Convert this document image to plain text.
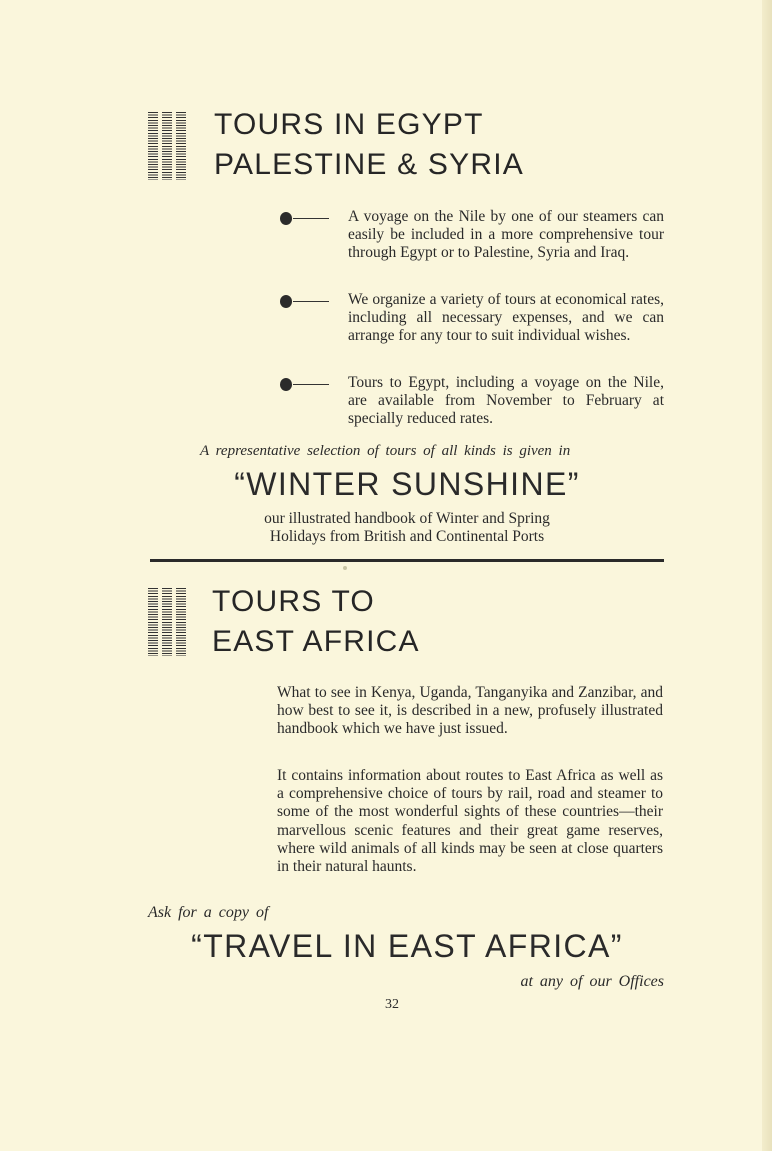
TOURS IN EGYPT
PALESTINE & SYRIA

A voyage on the Nile by one of our steamers can easily be included in a more comprehensive tour through Egypt or to Palestine, Syria and Iraq.

We organize a variety of tours at economical rates, including all necessary expenses, and we can arrange for any tour to suit individual wishes.

Tours to Egypt, including a voyage on the Nile, are available from November to February at specially reduced rates.

A representative selection of tours of all kinds is given in

“WINTER SUNSHINE”

our illustrated handbook of Winter and Spring

Holidays from British and Continental Ports

TOURS TO
EAST AFRICA

What to see in Kenya, Uganda, Tanganyika and Zanzibar, and how best to see it, is described in a new, profusely illustrated handbook which we have just issued.

It contains information about routes to East Africa as well as a comprehensive choice of tours by rail, road and steamer to some of the most wonderful sights of these countries—their marvellous scenic features and their great game reserves, where wild animals of all kinds may be seen at close quarters in their natural haunts.

Ask for a copy of

“TRAVEL IN EAST AFRICA”

at any of our Offices

32
